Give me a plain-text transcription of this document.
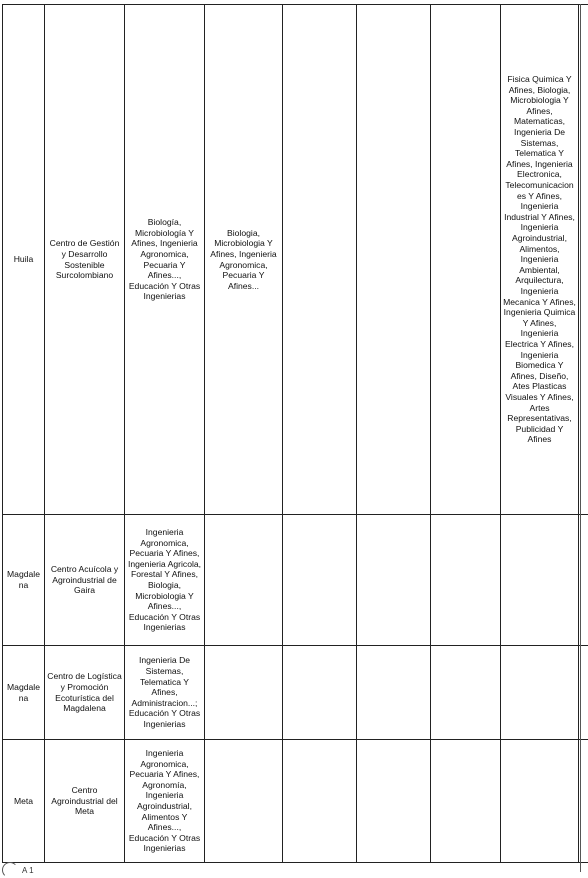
Huila	Centro de Gestión y Desarrollo Sostenible Surcolombiano	Biología, Microbiología Y Afines, Ingenieria Agronomica, Pecuaria Y Afines..., Educación Y Otras Ingenierias	Biologia, Microbiologia Y Afines, Ingenieria Agronomica, Pecuaria Y Afines...				Fisica Quimica Y Afines, Biologia, Microbiologia Y Afines, Matematicas, Ingenieria De Sistemas, Telematica Y Afines, Ingenieria Electronica, Telecomunicaciones Y Afines, Ingenieria Industrial Y Afines, Ingenieria Agroindustrial, Alimentos, Ingenieria Ambiental, Arquilectura, Ingenieria Mecanica Y Afines, Ingenieria Quimica Y Afines, Ingenieria Electrica Y Afines, Ingenieria Biomedica Y Afines, Diseño, Ates Plasticas Visuales Y Afines, Artes Representativas, Publicidad Y Afines	
Magdalena	Centro Acuícola y Agroindustrial de Gaira	Ingenieria Agronomica, Pecuaria Y Afines, Ingenieria Agricola, Forestal Y Afines, Biologia, Microbiologia Y Afines..., Educación Y Otras Ingenierias						
Magdalena	Centro de Logística y Promoción Ecoturística del Magdalena	Ingenieria De Sistemas, Telematica Y Afines, Administracion...; Educación Y Otras Ingenierias						
Meta	Centro Agroindustrial del Meta	Ingenieria Agronomica, Pecuaria Y Afines, Agronomía, Ingenieria Agroindustrial, Alimentos Y Afines..., Educación Y Otras Ingenierias						
A 1
